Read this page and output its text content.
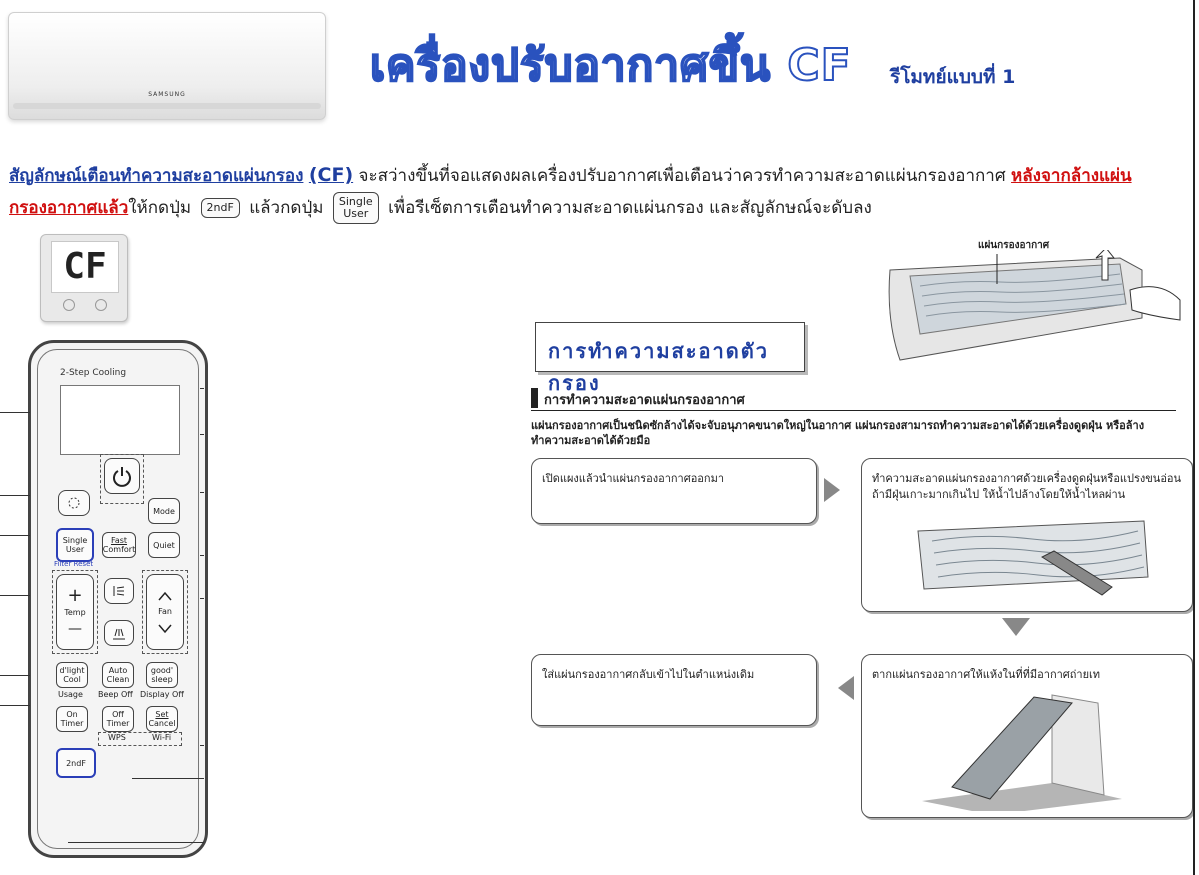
SAMSUNG
เครื่องปรับอากาศขึ้น CF รีโมทย์แบบที่ 1
สัญลักษณ์เตือนทำความสะอาดแผ่นกรอง (CF) จะสว่างขึ้นที่จอแสดงผลเครื่องปรับอากาศเพื่อเตือนว่าควรทำความสะอาดแผ่นกรองอากาศ หลังจากล้างแผ่นกรองอากาศแล้วให้กดปุ่ม 2ndF แล้วกดปุ่ม Single
User เพื่อรีเซ็ตการเตือนทำความสะอาดแผ่นกรอง และสัญลักษณ์จะดับลง
CF
2-Step Cooling
Mode
Single
User
Fast
Comfort	Quiet
Filter Reset
+
Temp
—
Fan
d'light
Cool
Auto
Clean
good'
sleep
Usage Beep Off Display Off
On
Timer
Off
Timer
Set
Cancel
WPS	Wi-Fi
2ndF
แผ่นกรองอากาศ
การทำความสะอาดตัวกรอง
การทำความสะอาดแผ่นกรองอากาศ
แผ่นกรองอากาศเป็นชนิดซักล้างได้จะจับอนุภาคขนาดใหญ่ในอากาศ แผ่นกรองสามารถทำความสะอาดได้ด้วยเครื่องดูดฝุ่น หรือล้างทำความสะอาดได้ด้วยมือ
เปิดแผงแล้วนำแผ่นกรองอากาศออกมา	ทำความสะอาดแผ่นกรองอากาศด้วยเครื่องดูดฝุ่นหรือแปรงขนอ่อนถ้ามีฝุ่นเกาะมากเกินไป ให้น้ำไปล้างโดยให้น้ำไหลผ่าน
ตากแผ่นกรองอากาศให้แห้งในที่ที่มีอากาศถ่ายเท
ใส่แผ่นกรองอากาศกลับเข้าไปในตำแหน่งเดิม
